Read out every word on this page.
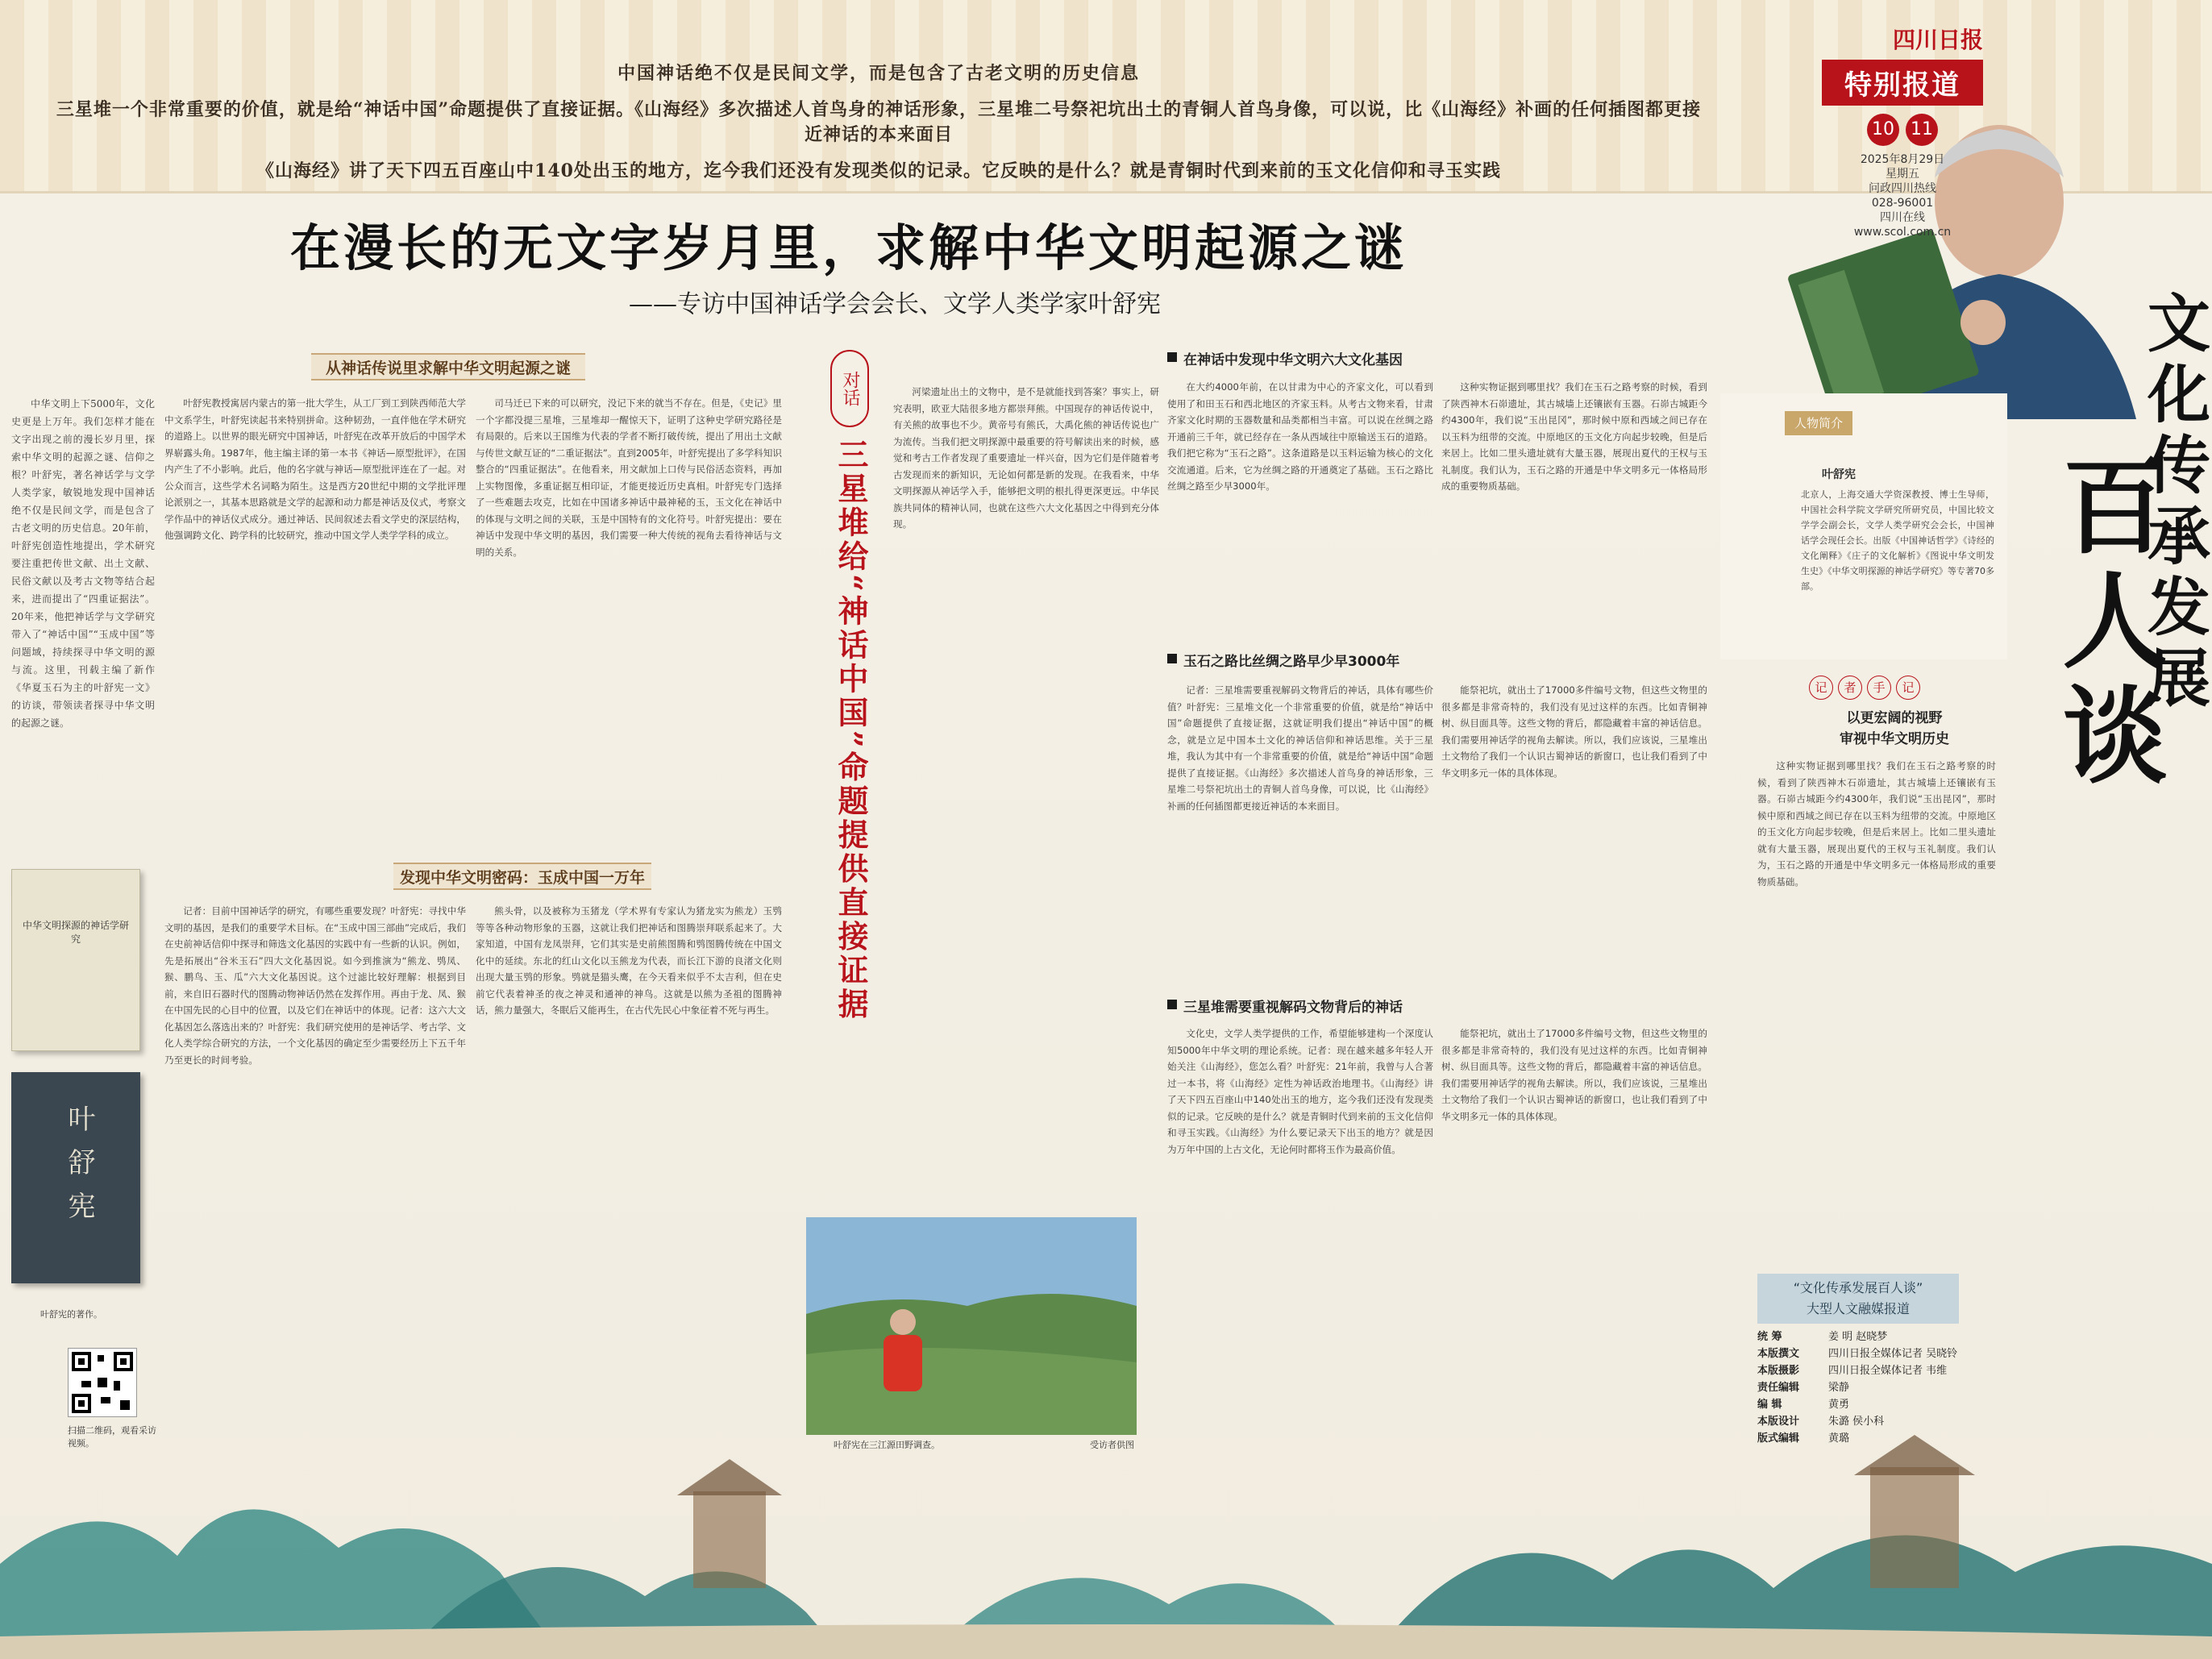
中国神话绝不仅是民间文学，而是包含了古老文明的历史信息
三星堆一个非常重要的价值，就是给“神话中国”命题提供了直接证据。《山海经》多次描述人首鸟身的神话形象，三星堆二号祭祀坑出土的青铜人首鸟身像，可以说，比《山海经》补画的任何插图都更接近神话的本来面目
《山海经》讲了天下四五百座山中140处出玉的地方，迄今我们还没有发现类似的记录。它反映的是什么？就是青铜时代到来前的玉文化信仰和寻玉实践
四川日报
特别报道
10 11
2025年8月29日
星期五
问政四川热线
028-96001
四川在线
www.scol.com.cn
在漫长的无文字岁月里，求解中华文明起源之谜
——专访中国神话学会会长、文学人类学家叶舒宪	文化传承发展
百人谈

中华文明上下5000年，文化史更是上万年。我们怎样才能在文字出现之前的漫长岁月里，探索中华文明的起源之谜、信仰之根？叶舒宪，著名神话学与文学人类学家，敏锐地发现中国神话绝不仅是民间文学，而是包含了古老文明的历史信息。20年前，叶舒宪创造性地提出，学术研究要注重把传世文献、出土文献、民俗文献以及考古文物等结合起来，进而提出了“四重证据法”。20年来，他把神话学与文学研究带入了“神话中国”“玉成中国”等问题域，持续探寻中华文明的源与流。这里，刊载主编了新作《华夏玉石为主的叶舒宪一文》的访谈，带领读者探寻中华文明的起源之谜。

从神话传说里求解中华文明起源之谜
发现中华文明密码：玉成中国一万年
在神话中发现中华文明六大文化基因
玉石之路比丝绸之路早少早3000年
三星堆需要重视解码文物背后的神话

叶舒宪教授寓居内蒙古的第一批大学生，从工厂到工到陕西师范大学中文系学生，叶舒宪读起书来特别拼命。这种韧劲，一直伴他在学术研究的道路上。以世界的眼光研究中国神话，叶舒宪在改革开放后的中国学术界崭露头角。1987年，他主编主译的第一本书《神话—原型批评》，在国内产生了不小影响。此后，他的名字就与神话—原型批评连在了一起。对公众而言，这些学术名词略为陌生。这是西方20世纪中期的文学批评理论派别之一，其基本思路就是文学的起源和动力都是神话及仪式，考察文学作品中的神话仪式成分。通过神话、民间叙述去看文学史的深层结构，他强调跨文化、跨学科的比较研究，推动中国文学人类学学科的成立。

司马迁已下来的可以研究，没记下来的就当不存在。但是，《史记》里一个字都没提三星堆，三星堆却一醒惊天下，证明了这种史学研究路径是有局限的。后来以王国维为代表的学者不断打破传统，提出了用出土文献与传世文献互证的“二重证据法”。直到2005年，叶舒宪提出了多学科知识整合的“四重证据法”。在他看来，用文献加上口传与民俗活态资料，再加上实物图像，多重证据互相印证，才能更接近历史真相。叶舒宪专门选择了一些难题去攻克，比如在中国诸多神话中最神秘的玉，玉文化在神话中的体现与文明之间的关联，玉是中国特有的文化符号。叶舒宪提出：要在神话中发现中华文明的基因，我们需要一种大传统的视角去看待神话与文明的关系。

记者：目前中国神话学的研究，有哪些重要发现？叶舒宪：寻找中华文明的基因，是我们的重要学术目标。在“玉成中国三部曲”完成后，我们在史前神话信仰中探寻和筛选文化基因的实践中有一些新的认识。例如，先是拓展出“谷米玉石”四大文化基因说。如今到推演为“熊龙、鸮凤、猴、鹏鸟、玉、瓜”六大文化基因说。这个过滤比较好理解：根据到目前，来自旧石器时代的图腾动物神话仍然在发挥作用。再由于龙、凤、猴在中国先民的心目中的位置，以及它们在神话中的体现。记者：这六大文化基因怎么落选出来的？叶舒宪：我们研究使用的是神话学、考古学、文化人类学综合研究的方法，一个文化基因的确定至少需要经历上下五千年乃至更长的时间考验。

熊头骨，以及被称为玉猪龙（学术界有专家认为猪龙实为熊龙）玉鸮等等各种动物形象的玉器，这就让我们把神话和图腾崇拜联系起来了。大家知道，中国有龙凤崇拜，它们其实是史前熊图腾和鸮图腾传统在中国文化中的延续。东北的红山文化以玉熊龙为代表，而长江下游的良渚文化则出现大量玉鸮的形象。鸮就是猫头鹰，在今天看来似乎不太吉利，但在史前它代表着神圣的夜之神灵和通神的神鸟。这就是以熊为圣祖的图腾神话，熊力量强大，冬眠后又能再生，在古代先民心中象征着不死与再生。

河梁遗址出土的文物中，是不是就能找到答案？事实上，研究表明，欧亚大陆很多地方都崇拜熊。中国现存的神话传说中，有关熊的故事也不少。黄帝号有熊氏，大禹化熊的神话传说也广为流传。当我们把文明探源中最重要的符号解读出来的时候，感觉和考古工作者发现了重要遗址一样兴奋，因为它们是伴随着考古发现而来的新知识，无论如何都是新的发现。在我看来，中华文明探源从神话学入手，能够把文明的根扎得更深更远。中华民族共同体的精神认同，也就在这些六大文化基因之中得到充分体现。

在大约4000年前，在以甘肃为中心的齐家文化，可以看到使用了和田玉石和西北地区的齐家玉料。从考古文物来看，甘肃齐家文化时期的玉器数量和品类都相当丰富。可以说在丝绸之路开通前三千年，就已经存在一条从西域往中原输送玉石的道路。我们把它称为“玉石之路”。这条道路是以玉料运输为核心的文化交流通道。后来，它为丝绸之路的开通奠定了基础。玉石之路比丝绸之路至少早3000年。

这种实物证据到哪里找？我们在玉石之路考察的时候，看到了陕西神木石峁遗址，其古城墙上还镶嵌有玉器。石峁古城距今约4300年，我们说“玉出昆冈”，那时候中原和西域之间已存在以玉料为纽带的交流。中原地区的玉文化方向起步较晚，但是后来居上。比如二里头遗址就有大量玉器，展现出夏代的王权与玉礼制度。我们认为，玉石之路的开通是中华文明多元一体格局形成的重要物质基础。

记者：三星堆需要重视解码文物背后的神话，具体有哪些价值？叶舒宪：三星堆文化一个非常重要的价值，就是给“神话中国”命题提供了直接证据，这就证明我们提出“神话中国”的概念，就是立足中国本土文化的神话信仰和神话思维。关于三星堆，我认为其中有一个非常重要的价值，就是给“神话中国”命题提供了直接证据。《山海经》多次描述人首鸟身的神话形象，三星堆二号祭祀坑出土的青铜人首鸟身像，可以说，比《山海经》补画的任何插图都更接近神话的本来面目。

能祭祀坑，就出土了17000多件编号文物，但这些文物里的很多都是非常奇特的，我们没有见过这样的东西。比如青铜神树、纵目面具等。这些文物的背后，都隐藏着丰富的神话信息。我们需要用神话学的视角去解读。所以，我们应该说，三星堆出土文物给了我们一个认识古蜀神话的新窗口，也让我们看到了中华文明多元一体的具体体现。

文化史，文学人类学提供的工作，希望能够建构一个深度认知5000年中华文明的理论系统。记者：现在越来越多年轻人开始关注《山海经》，您怎么看？叶舒宪：21年前，我曾与人合著过一本书，将《山海经》定性为神话政治地理书。《山海经》讲了天下四五百座山中140处出玉的地方，迄今我们还没有发现类似的记录。它反映的是什么？就是青铜时代到来前的玉文化信仰和寻玉实践。《山海经》为什么要记录天下出玉的地方？就是因为万年中国的上古文化，无论何时都将玉作为最高价值。

能祭祀坑，就出土了17000多件编号文物，但这些文物里的很多都是非常奇特的，我们没有见过这样的东西。比如青铜神树、纵目面具等。这些文物的背后，都隐藏着丰富的神话信息。我们需要用神话学的视角去解读。所以，我们应该说，三星堆出土文物给了我们一个认识古蜀神话的新窗口，也让我们看到了中华文明多元一体的具体体现。

对话
三星堆给“神话中国”命题提供直接证据
中华文明探源的神话学研究
叶舒宪
叶舒宪的著作。
扫描二维码，观看采访视频。	叶舒宪在三江源田野调查。	受访者供图
人物简介
叶舒宪
北京人，上海交通大学资深教授、博士生导师，中国社会科学院文学研究所研究员，中国比较文学学会副会长，文学人类学研究会会长，中国神话学会现任会长。出版《中国神话哲学》《诗经的文化阐释》《庄子的文化解析》《图说中华文明发生史》《中华文明探源的神话学研究》等专著70多部。
记	者	手	记
以更宏阔的视野
审视中华文明历史

这种实物证据到哪里找？我们在玉石之路考察的时候，看到了陕西神木石峁遗址，其古城墙上还镶嵌有玉器。石峁古城距今约4300年，我们说“玉出昆冈”，那时候中原和西域之间已存在以玉料为纽带的交流。中原地区的玉文化方向起步较晚，但是后来居上。比如二里头遗址就有大量玉器，展现出夏代的王权与玉礼制度。我们认为，玉石之路的开通是中华文明多元一体格局形成的重要物质基础。

“文化传承发展百人谈”
大型人文融媒报道
统 筹	姜 明 赵晓梦
本版撰文	四川日报全媒体记者 吴晓铃
本版摄影	四川日报全媒体记者 韦维
责任编辑	梁静
编 辑	黄勇
本版设计	朱潞 侯小科
版式编辑	黄璐
